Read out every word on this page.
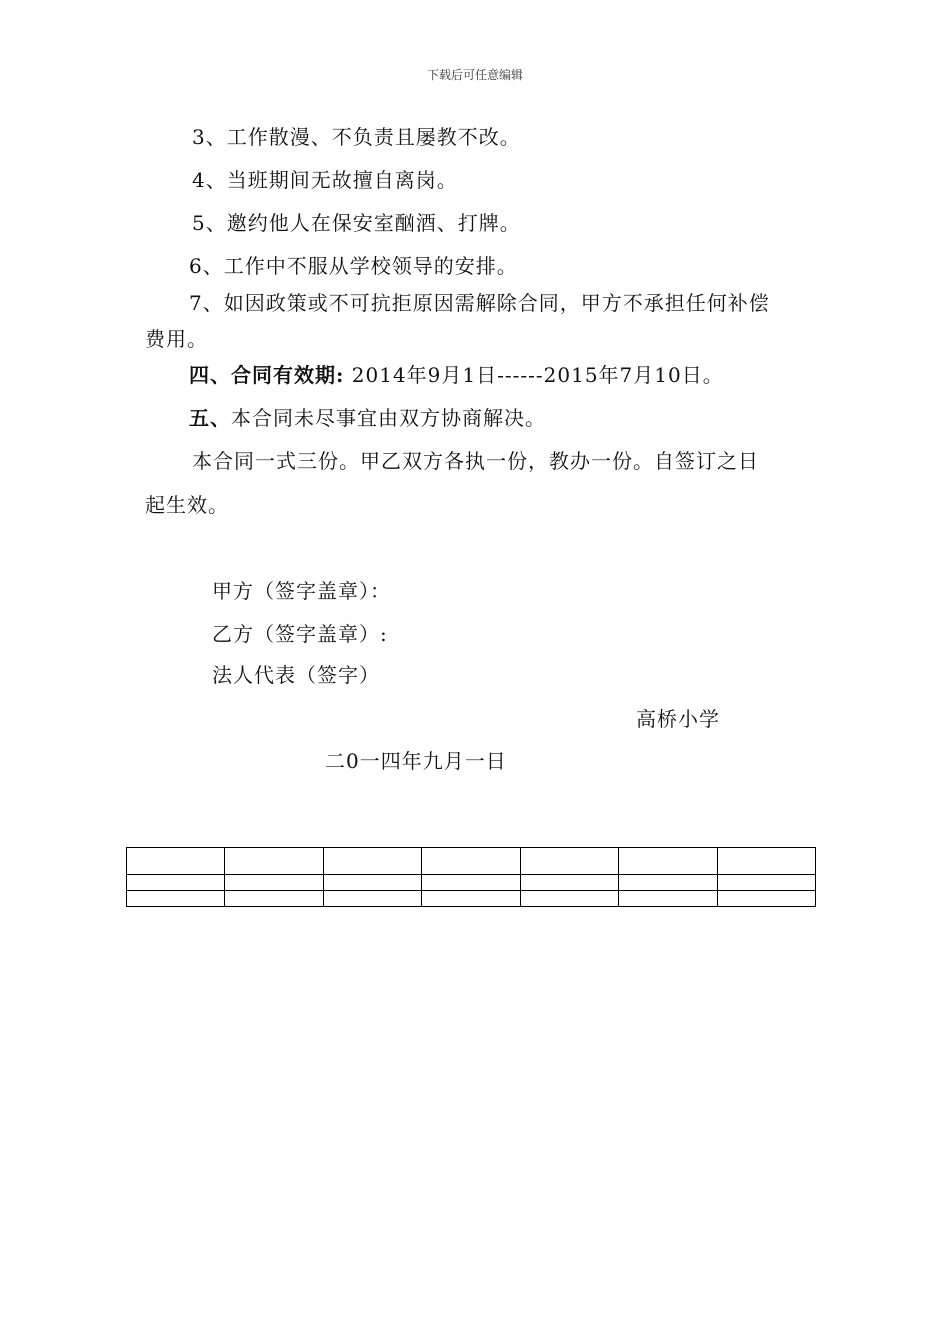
下载后可任意编辑
3、工作散漫、不负责且屡教不改。
4、当班期间无故擅自离岗。
5、邀约他人在保安室酗酒、打牌。
6、工作中不服从学校领导的安排。
7、如因政策或不可抗拒原因需解除合同，甲方不承担任何补偿
费用。
四、合同有效期: 2014年9月1日------2015年7月10日。
五、本合同未尽事宜由双方协商解决。
本合同一式三份。甲乙双方各执一份，教办一份。自签订之日
起生效。
甲方（签字盖章）：
乙方（签字盖章）:
法人代表（签字）
高桥小学
二0一四年九月一日
